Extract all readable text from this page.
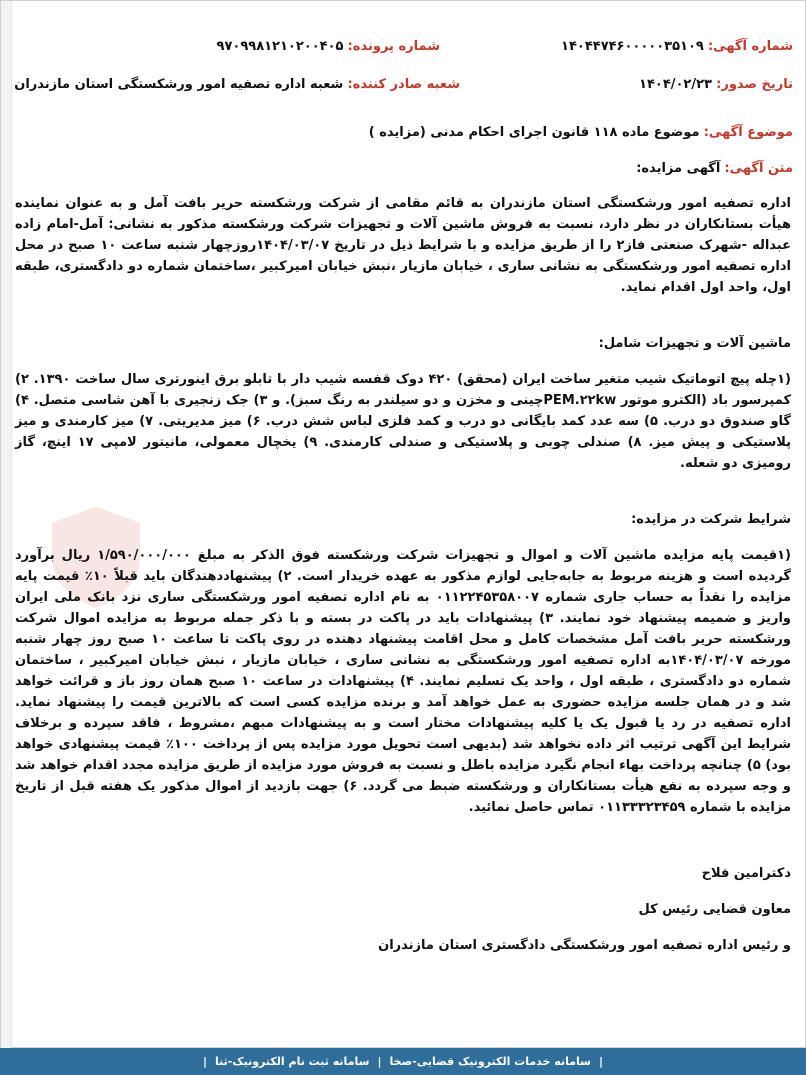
شماره آگهی: ۱۴۰۴۴۷۴۶۰۰۰۰۰۳۵۱۰۹
شماره پرونده: ۹۷۰۹۹۸۱۲۱۰۲۰۰۴۰۵
تاریخ صدور: ۱۴۰۴/۰۲/۲۳
شعبه صادر کننده: شعبه اداره تصفیه امور ورشکستگی استان مازندران
موضوع آگهی: موضوع ماده ۱۱۸ قانون اجرای احکام مدنی (مزایده )
متن آگهی: آگهی مزایده:
اداره تصفیه امور ورشکستگی استان مازندران به قائم مقامی از شرکت ورشکسته حریر بافت آمل و به عنوان نماینده هیأت بستانکاران در نظر دارد، نسبت به فروش ماشین آلات و تجهیزات شرکت ورشکسته مذکور به نشانی: آمل-امام زاده عبداله -شهرک صنعتی فاز۲ را از طریق مزایده و با شرایط ذیل در تاریخ ۱۴۰۴/۰۳/۰۷روزچهار شنبه ساعت ۱۰ صبح در محل اداره تصفیه امور ورشکستگی به نشانی ساری ، خیابان مازیار ،نبش خیابان امیرکبیر ،ساختمان شماره دو دادگستری، طبقه اول، واحد اول اقدام نماید.
ماشین آلات و تجهیزات شامل:
(۱چله پیچ اتوماتیک شیب متغیر ساخت ایران (محقق) ۴۲۰ دوک قفسه شیب دار با تابلو برق اینورتری سال ساخت ۱۳۹۰. ۲) کمپرسور باد (الکترو موتور PEM.۲۲kwچینی و مخزن و دو سیلندر به رنگ سبز). و ۳) جک زنجیری با آهن شاسی متصل. ۴) گاو صندوق دو درب. ۵) سه عدد کمد بایگانی دو درب و کمد فلزی لباس شش درب. ۶) میز مدیریتی. ۷) میز کارمندی و میز پلاستیکی و پیش میز. ۸) صندلی چوبی و پلاستیکی و صندلی کارمندی. ۹) یخچال معمولی، مانیتور لامپی ۱۷ اینچ، گاز رومیزی دو شعله.
شرایط شرکت در مزایده:
(۱قیمت پایه مزایده ماشین آلات و اموال و تجهیزات شرکت ورشکسته فوق الذکر به مبلغ ۱/۵۹۰/۰۰۰/۰۰۰ ریال برآورد گردیده است و هزینه مربوط به جابه‌جایی لوازم مذکور به عهده خریدار است. ۲) پیشنهاددهندگان باید قبلاً ۱۰٪ قیمت پایه مزایده را نقداً به حساب جاری شماره ۰۱۱۲۲۴۵۳۵۸۰۰۷ به نام اداره تصفیه امور ورشکستگی ساری نزد بانک ملی ایران واریز و ضمیمه پیشنهاد خود نمایند. ۳) پیشنهادات باید در پاکت در بسته و با ذکر جمله مربوط به مزایده اموال شرکت ورشکسته حریر بافت آمل مشخصات کامل و محل اقامت پیشنهاد دهنده در روی پاکت تا ساعت ۱۰ صبح روز چهار شنبه مورخه ۱۴۰۴/۰۳/۰۷به اداره تصفیه امور ورشکستگی به نشانی ساری ، خیابان مازیار ، نبش خیابان امیرکبیر ، ساختمان شماره دو دادگستری ، طبقه اول ، واحد یک تسلیم نمایند. ۴) پیشنهادات در ساعت ۱۰ صبح همان روز باز و قرائت خواهد شد و در همان جلسه مزایده حضوری به عمل خواهد آمد و برنده مزایده کسی است که بالاترین قیمت را پیشنهاد نماید. اداره تصفیه در رد یا قبول یک یا کلیه پیشنهادات مختار است و به پیشنهادات مبهم ،مشروط ، فاقد سپرده و برخلاف شرایط این آگهی ترتیب اثر داده نخواهد شد (بدیهی است تحویل مورد مزایده پس از پرداخت ۱۰۰٪ قیمت پیشنهادی خواهد بود) ۵) چنانچه پرداخت بهاء انجام نگیرد مزایده باطل و نسبت به فروش مورد مزایده از طریق مزایده مجدد اقدام خواهد شد و وجه سپرده به نفع هیأت بستانکاران و ورشکسته ضبط می گردد. ۶) جهت بازدید از اموال مذکور یک هفته قبل از تاریخ مزایده با شماره ۰۱۱۳۳۳۲۳۴۵۹ تماس حاصل نمائید.
دکترامین فلاح
معاون قضایی رئیس کل
و رئیس اداره تصفیه امور ورشکستگی دادگستری استان مازندران
|
سامانه خدمات الکترونیک قضایی-صخا
|
سامانه ثبت نام الکترونیک-ثنا
|
